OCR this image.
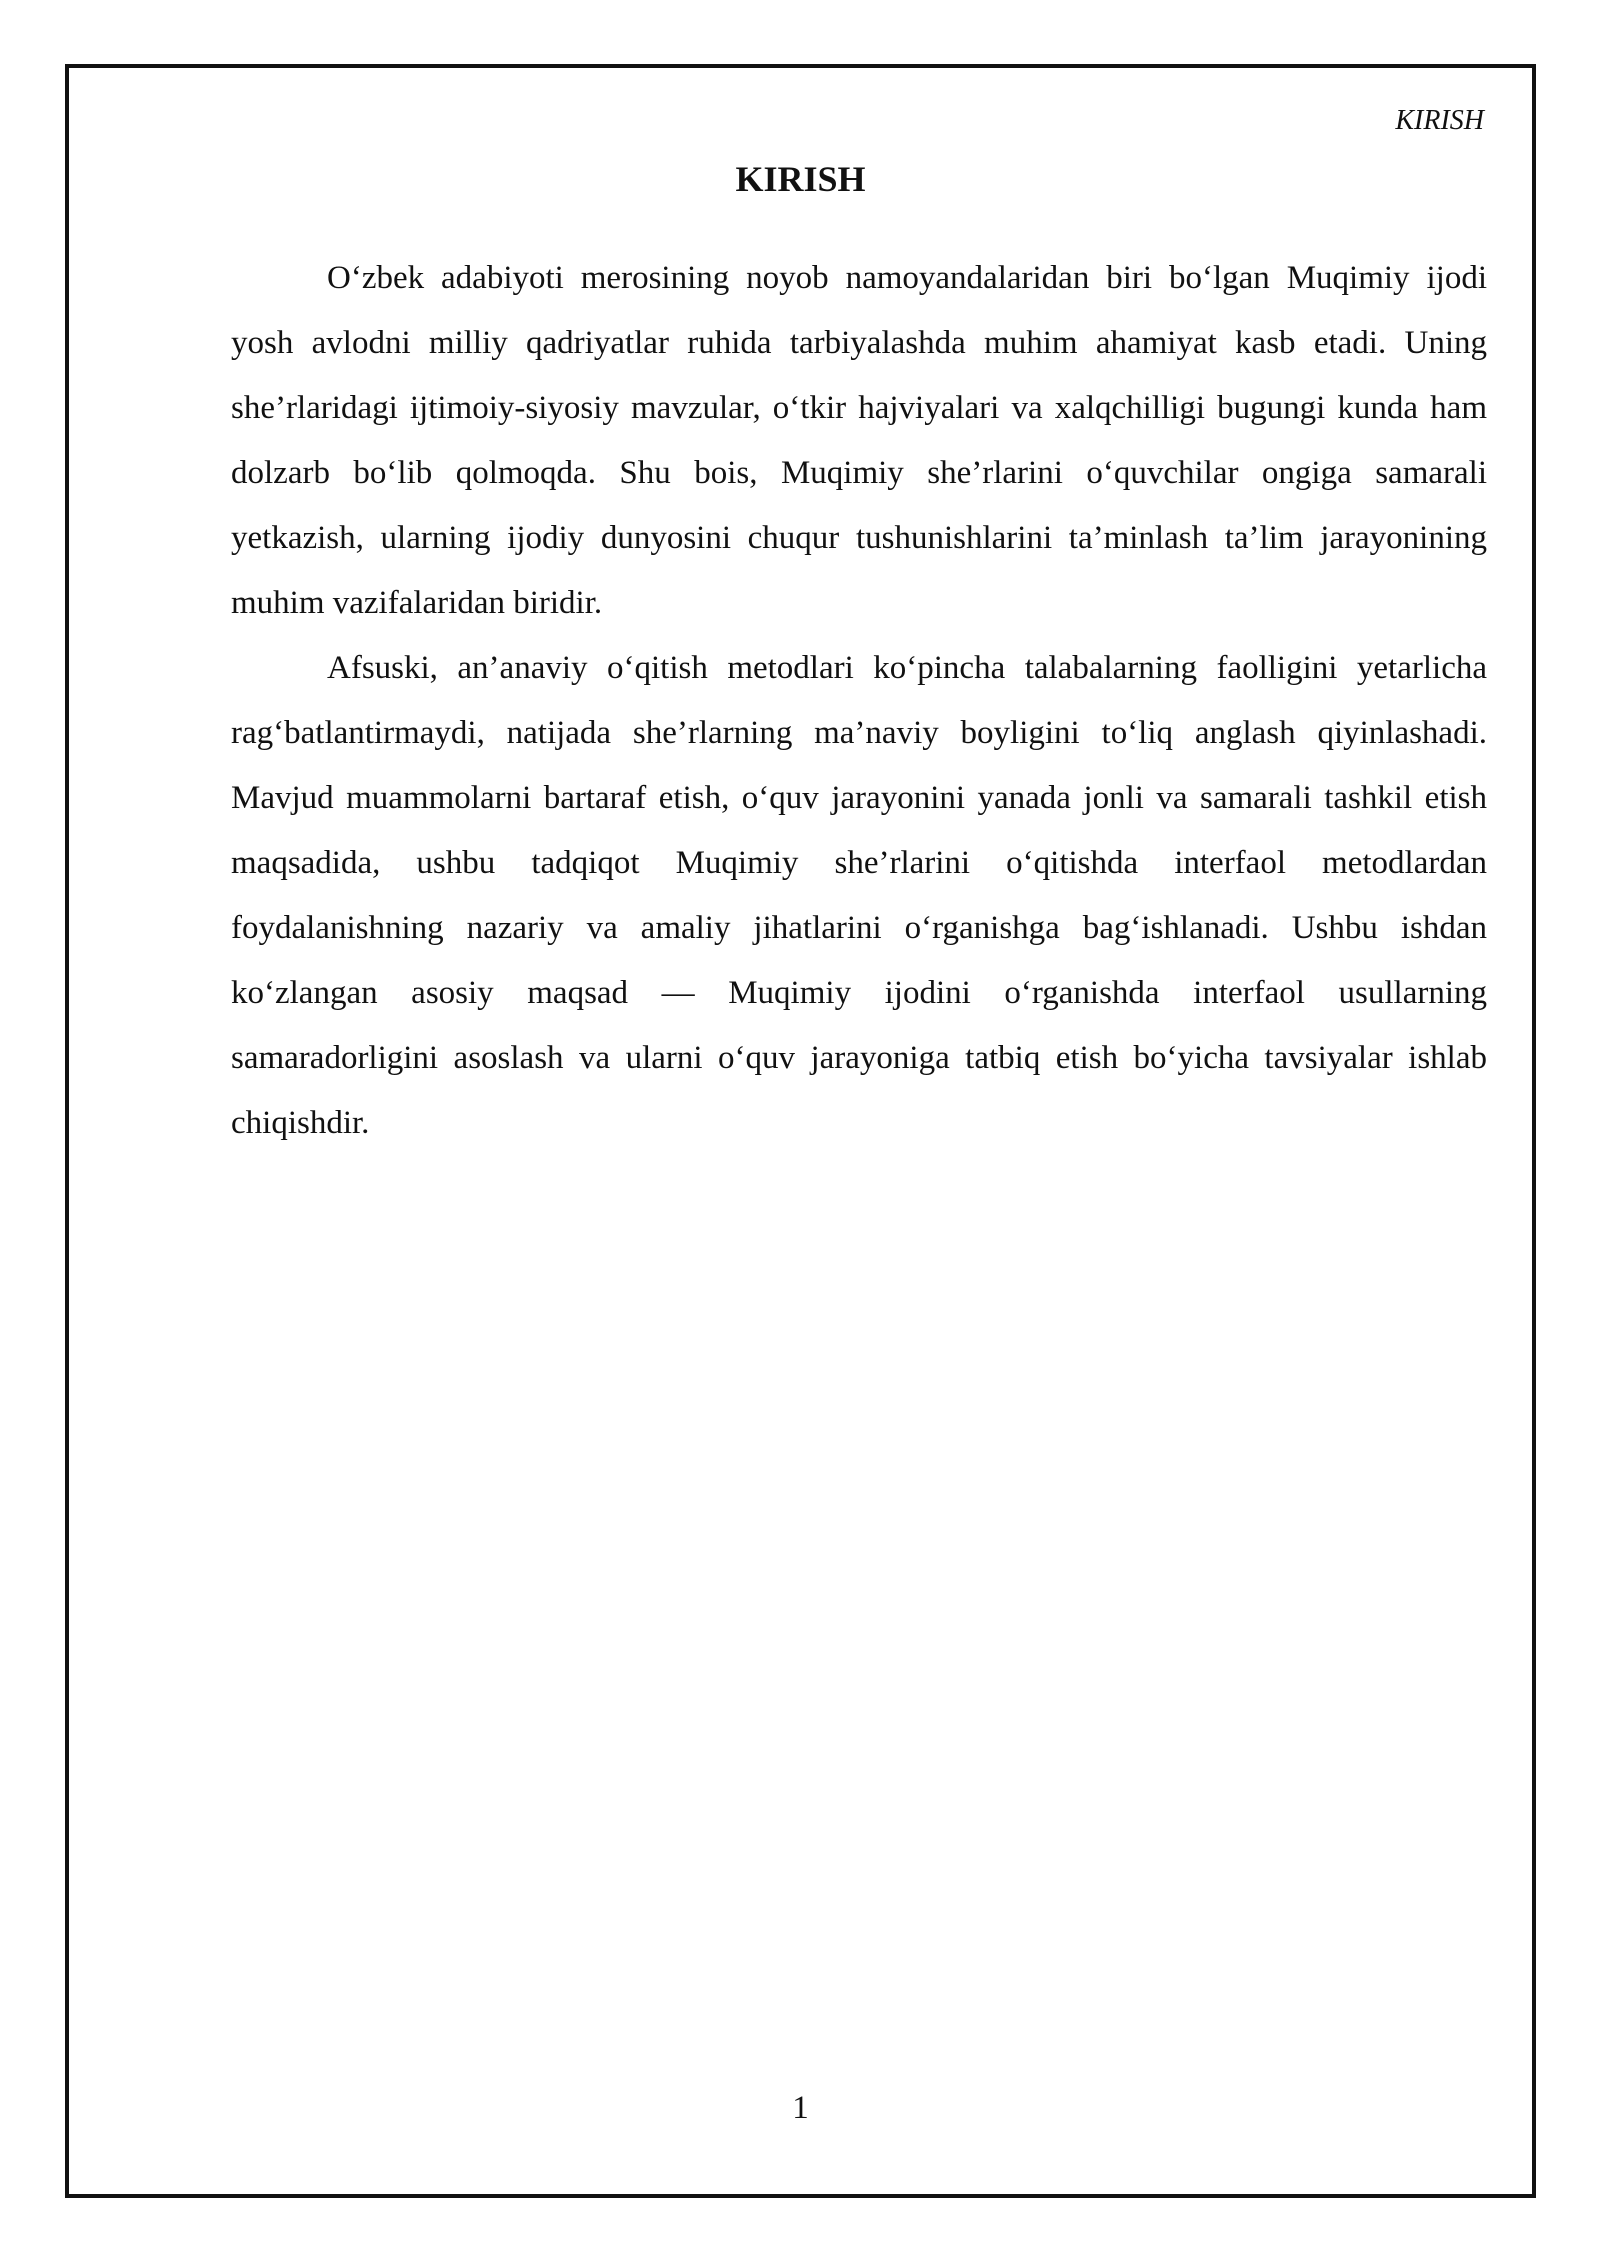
KIRISH

KIRISH

O‘zbek adabiyoti merosining noyob namoyandalaridan biri bo‘lgan Muqimiy ijodi yosh avlodni milliy qadriyatlar ruhida tarbiyalashda muhim ahamiyat kasb etadi. Uning she’rlaridagi ijtimoiy-siyosiy mavzular, o‘tkir hajviyalari va xalqchilligi bugungi kunda ham dolzarb bo‘lib qolmoqda. Shu bois, Muqimiy she’rlarini o‘quvchilar ongiga samarali yetkazish, ularning ijodiy dunyosini chuqur tushunishlarini ta’minlash ta’lim jarayonining muhim vazifalaridan biridir.

Afsuski, an’anaviy o‘qitish metodlari ko‘pincha talabalarning faolligini yetarlicha rag‘batlantirmaydi, natijada she’rlarning ma’naviy boyligini to‘liq anglash qiyinlashadi. Mavjud muammolarni bartaraf etish, o‘quv jarayonini yanada jonli va samarali tashkil etish maqsadida, ushbu tadqiqot Muqimiy she’rlarini o‘qitishda interfaol metodlardan foydalanishning nazariy va amaliy jihatlarini o‘rganishga bag‘ishlanadi. Ushbu ishdan ko‘zlangan asosiy maqsad — Muqimiy ijodini o‘rganishda interfaol usullarning samaradorligini asoslash va ularni o‘quv jarayoniga tatbiq etish bo‘yicha tavsiyalar ishlab chiqishdir.

1
